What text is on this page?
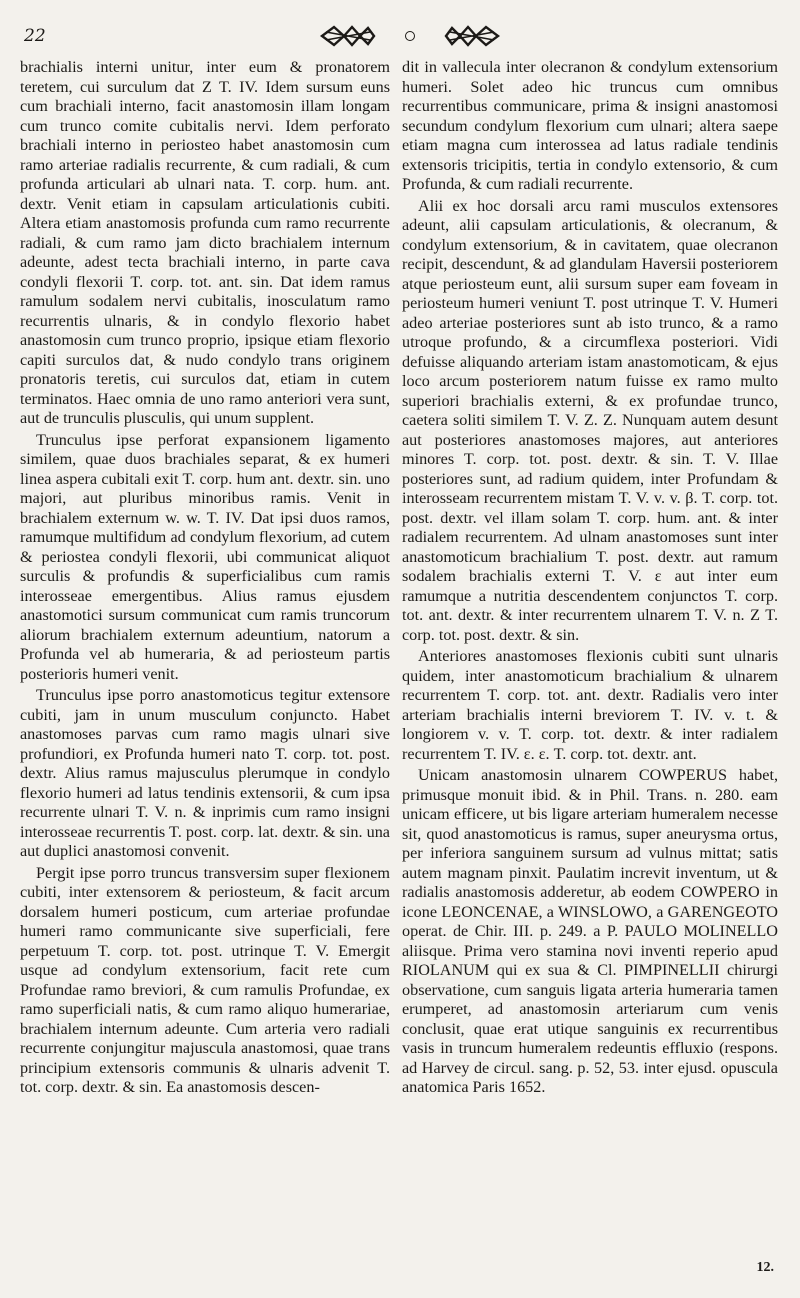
22

brachialis interni unitur, inter eum & pronatorem teretem, cui surculum dat Z T. IV. Idem sursum euns cum brachiali interno, facit anastomosin illam longam cum trunco comite cubitalis nervi. Idem perforato brachiali interno in periosteo habet anastomosin cum ramo arteriae radialis recurrente, & cum radiali, & cum profunda articulari ab ulnari nata. T. corp. hum. ant. dextr. Venit etiam in capsulam articulationis cubiti. Altera etiam anastomosis profunda cum ramo recurrente radiali, & cum ramo jam dicto brachialem internum adeunte, adest tecta brachiali interno, in parte cava condyli flexorii T. corp. tot. ant. sin. Dat idem ramus ramulum sodalem nervi cubitalis, inosculatum ramo recurrentis ulnaris, & in condylo flexorio habet anastomosin cum trunco proprio, ipsique etiam flexorio capiti surculos dat, & nudo condylo trans originem pronatoris teretis, cui surculos dat, etiam in cutem terminatos. Haec omnia de uno ramo anteriori vera sunt, aut de trunculis plusculis, qui unum supplent.

Trunculus ipse perforat expansionem ligamento similem, quae duos brachiales separat, & ex humeri linea aspera cubitali exit T. corp. hum ant. dextr. sin. uno majori, aut pluribus minoribus ramis. Venit in brachialem externum w. w. T. IV. Dat ipsi duos ramos, ramumque multifidum ad condylum flexorium, ad cutem & periostea condyli flexorii, ubi communicat aliquot surculis & profundis & superficialibus cum ramis interosseae emergentibus. Alius ramus ejusdem anastomotici sursum communicat cum ramis truncorum aliorum brachialem externum adeuntium, natorum a Profunda vel ab humeraria, & ad periosteum partis posterioris humeri venit.

Trunculus ipse porro anastomoticus tegitur extensore cubiti, jam in unum musculum conjuncto. Habet anastomoses parvas cum ramo magis ulnari sive profundiori, ex Profunda humeri nato T. corp. tot. post. dextr. Alius ramus majusculus plerumque in condylo flexorio humeri ad latus tendinis extensorii, & cum ipsa recurrente ulnari T. V. n. & inprimis cum ramo insigni interosseae recurrentis T. post. corp. lat. dextr. & sin. una aut duplici anastomosi convenit.

Pergit ipse porro truncus transversim super flexionem cubiti, inter extensorem & periosteum, & facit arcum dorsalem humeri posticum, cum arteriae profundae humeri ramo communicante sive superficiali, fere perpetuum T. corp. tot. post. utrinque T. V. Emergit usque ad condylum extensorium, facit rete cum Profundae ramo breviori, & cum ramulis Profundae, ex ramo superficiali natis, & cum ramo aliquo humerariae, brachialem internum adeunte. Cum arteria vero radiali recurrente conjungitur majuscula anastomosi, quae trans principium extensoris communis & ulnaris advenit T. tot. corp. dextr. & sin. Ea anastomosis descen-

dit in vallecula inter olecranon & condylum extensorium humeri. Solet adeo hic truncus cum omnibus recurrentibus communicare, prima & insigni anastomosi secundum condylum flexorium cum ulnari; altera saepe etiam magna cum interossea ad latus radiale tendinis extensoris tricipitis, tertia in condylo extensorio, & cum Profunda, & cum radiali recurrente.

Alii ex hoc dorsali arcu rami musculos extensores adeunt, alii capsulam articulationis, & olecranum, & condylum extensorium, & in cavitatem, quae olecranon recipit, descendunt, & ad glandulam Haversii posteriorem atque periosteum eunt, alii sursum super eam foveam in periosteum humeri veniunt T. post utrinque T. V. Humeri adeo arteriae posteriores sunt ab isto trunco, & a ramo utroque profundo, & a circumflexa posteriori. Vidi defuisse aliquando arteriam istam anastomoticam, & ejus loco arcum posteriorem natum fuisse ex ramo multo superiori brachialis externi, & ex profundae trunco, caetera soliti similem T. V. Z. Z. Nunquam autem desunt aut posteriores anastomoses majores, aut anteriores minores T. corp. tot. post. dextr. & sin. T. V. Illae posteriores sunt, ad radium quidem, inter Profundam & interosseam recurrentem mistam T. V. v. v. β. T. corp. tot. post. dextr. vel illam solam T. corp. hum. ant. & inter radialem recurrentem. Ad ulnam anastomoses sunt inter anastomoticum brachialium T. post. dextr. aut ramum sodalem brachialis externi T. V. ε aut inter eum ramumque a nutritia descendentem conjunctos T. corp. tot. ant. dextr. & inter recurrentem ulnarem T. V. n. Z T. corp. tot. post. dextr. & sin.

Anteriores anastomoses flexionis cubiti sunt ulnaris quidem, inter anastomoticum brachialium & ulnarem recurrentem T. corp. tot. ant. dextr. Radialis vero inter arteriam brachialis interni breviorem T. IV. v. t. & longiorem v. v. T. corp. tot. dextr. & inter radialem recurrentem T. IV. ε. ε. T. corp. tot. dextr. ant.

Unicam anastomosin ulnarem COWPERUS habet, primusque monuit ibid. & in Phil. Trans. n. 280. eam unicam efficere, ut bis ligare arteriam humeralem necesse sit, quod anastomoticus is ramus, super aneurysma ortus, per inferiora sanguinem sursum ad vulnus mittat; satis autem magnam pinxit. Paulatim increvit inventum, ut & radialis anastomosis adderetur, ab eodem COWPERO in icone LEONCENAE, a WINSLOWO, a GARENGEOTO operat. de Chir. III. p. 249. a P. PAULO MOLINELLO aliisque. Prima vero stamina novi inventi reperio apud RIOLANUM qui ex sua & Cl. PIMPINELLII chirurgi observatione, cum sanguis ligata arteria humeraria tamen erumperet, ad anastomosin arteriarum cum venis conclusit, quae erat utique sanguinis ex recurrentibus vasis in truncum humeralem redeuntis effluxio (respons. ad Harvey de circul. sang. p. 52, 53. inter ejusd. opuscula anatomica Paris 1652.

12.
